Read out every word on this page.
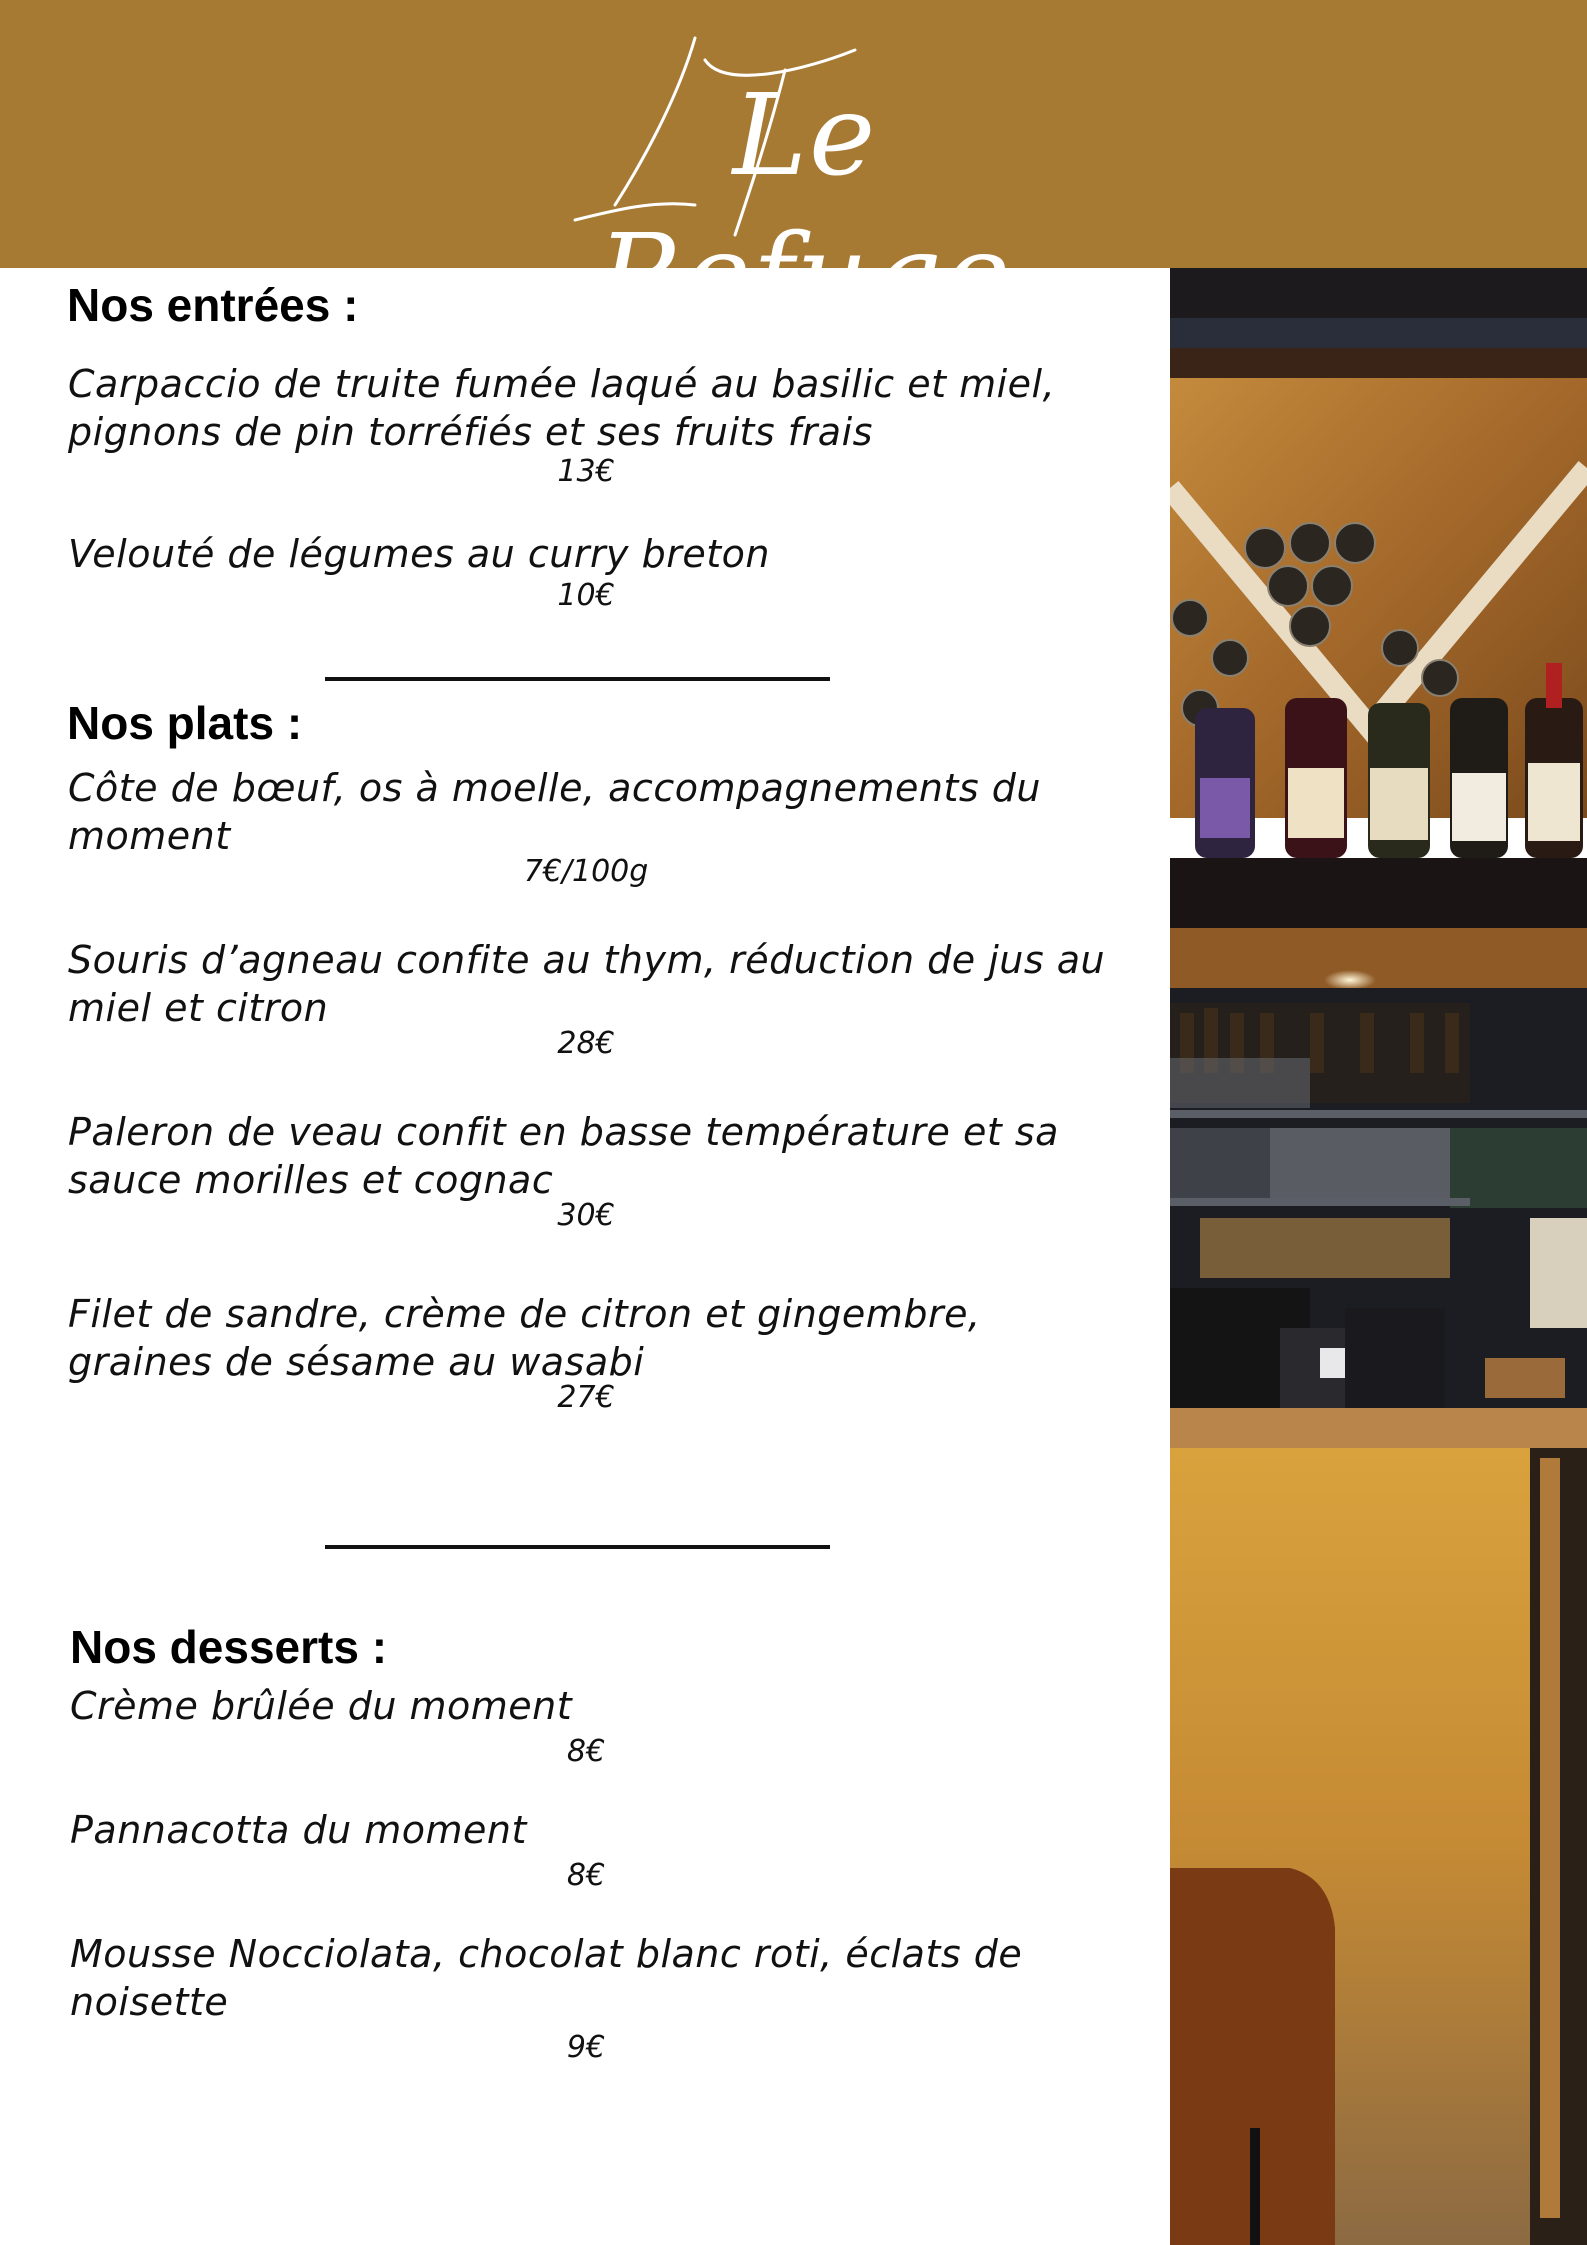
Le Refuge
Nos entrées :
Carpaccio de truite fumée laqué au basilic et miel, pignons de pin torréfiés et ses fruits frais
13€
Velouté de légumes au curry breton
10€
Nos plats :
Côte de bœuf, os à moelle, accompagnements du moment
7€/100g
Souris d’agneau confite au thym, réduction de jus au miel et citron
28€
Paleron de veau confit en basse température et sa sauce morilles et cognac
30€
Filet de sandre, crème de citron et gingembre, graines de sésame au wasabi
27€
Nos desserts :
Crème brûlée du moment
8€
Pannacotta du moment
8€
Mousse Nocciolata, chocolat blanc roti, éclats de noisette
9€
